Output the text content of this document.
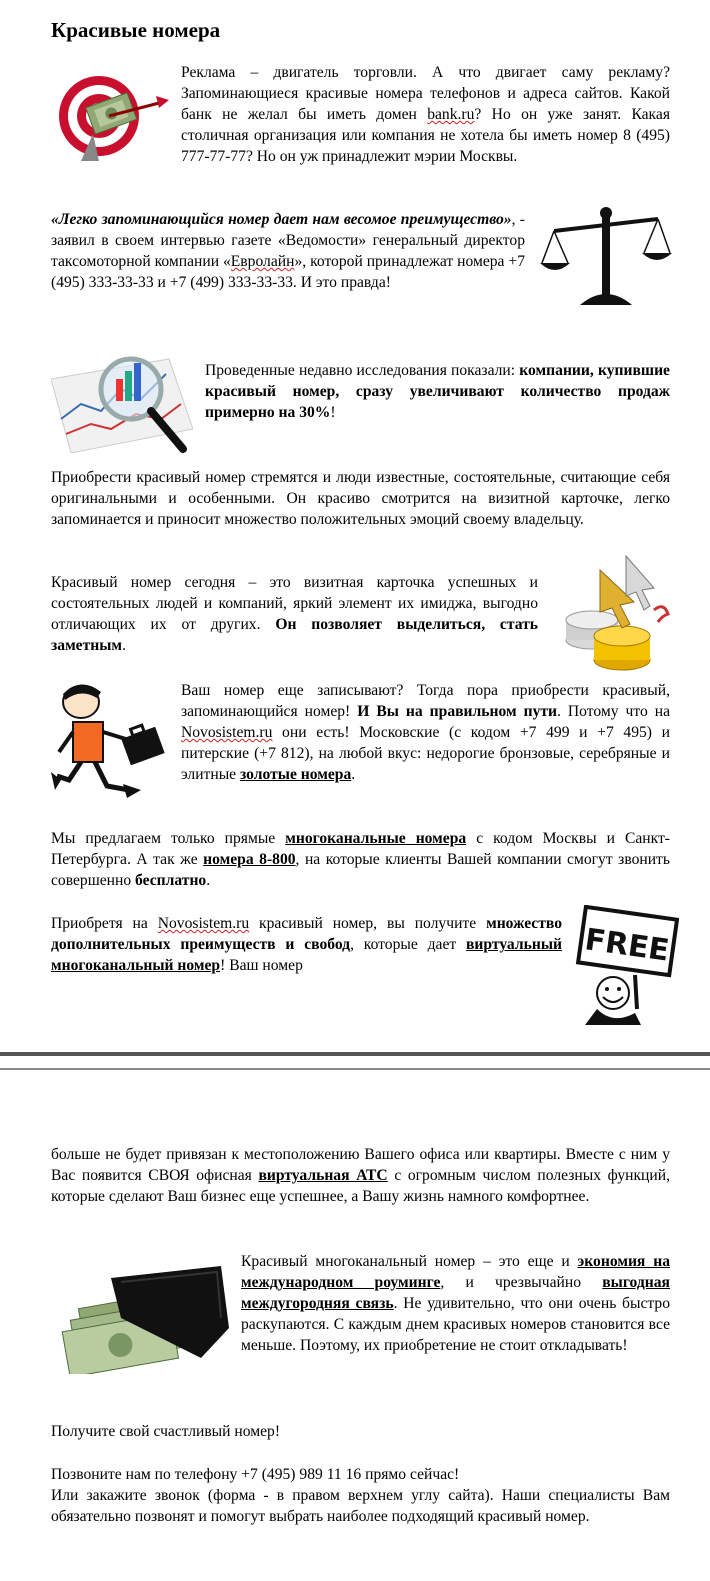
Красивые номера
Реклама – двигатель торговли. А что двигает саму рекламу? Запоминающиеся красивые номера телефонов и адреса сайтов. Какой банк не желал бы иметь домен bank.ru? Но он уже занят. Какая столичная организация или компания не хотела бы иметь номер 8 (495) 777-77-77? Но он уж принадлежит мэрии Москвы.
«Легко запоминающийся номер дает нам весомое преимущество», - заявил в своем интервью газете «Ведомости» генеральный директор таксомоторной компании «Евролайн», которой принадлежат номера +7 (495) 333-33-33 и +7 (499) 333-33-33. И это правда!
Проведенные недавно исследования показали: компании, купившие красивый номер, сразу увеличивают количество продаж примерно на 30%!
Приобрести красивый номер стремятся и люди известные, состоятельные, считающие себя оригинальными и особенными. Он красиво смотрится на визитной карточке, легко запоминается и приносит множество положительных эмоций своему владельцу.
Красивый номер сегодня – это визитная карточка успешных и состоятельных людей и компаний, яркий элемент их имиджа, выгодно отличающих их от других. Он позволяет выделиться, стать заметным.
Ваш номер еще записывают? Тогда пора приобрести красивый, запоминающийся номер! И Вы на правильном пути. Потому что на Novosistem.ru они есть! Московские (с кодом +7 499 и +7 495) и питерские (+7 812), на любой вкус: недорогие бронзовые, серебряные и элитные золотые номера.
Мы предлагаем только прямые многоканальные номера с кодом Москвы и Санкт-Петербурга. А так же номера 8-800, на которые клиенты Вашей компании смогут звонить совершенно бесплатно.
Приобретя на Novosistem.ru красивый номер, вы получите множество дополнительных преимуществ и свобод, которые дает виртуальный многоканальный номер! Ваш номер	FREE
больше не будет привязан к местоположению Вашего офиса или квартиры. Вместе с ним у Вас появится СВОЯ офисная виртуальная АТС с огромным числом полезных функций, которые сделают Ваш бизнес еще успешнее, а Вашу жизнь намного комфортнее.
Красивый многоканальный номер – это еще и экономия на международном роуминге, и чрезвычайно выгодная междугородняя связь. Не удивительно, что они очень быстро раскупаются. С каждым днем красивых номеров становится все меньше. Поэтому, их приобретение не стоит откладывать!
Получите свой счастливый номер!
Позвоните нам по телефону +7 (495) 989 11 16 прямо сейчас!
Или закажите звонок (форма - в правом верхнем углу сайта). Наши специалисты Вам обязательно позвонят и помогут выбрать наиболее подходящий красивый номер.
